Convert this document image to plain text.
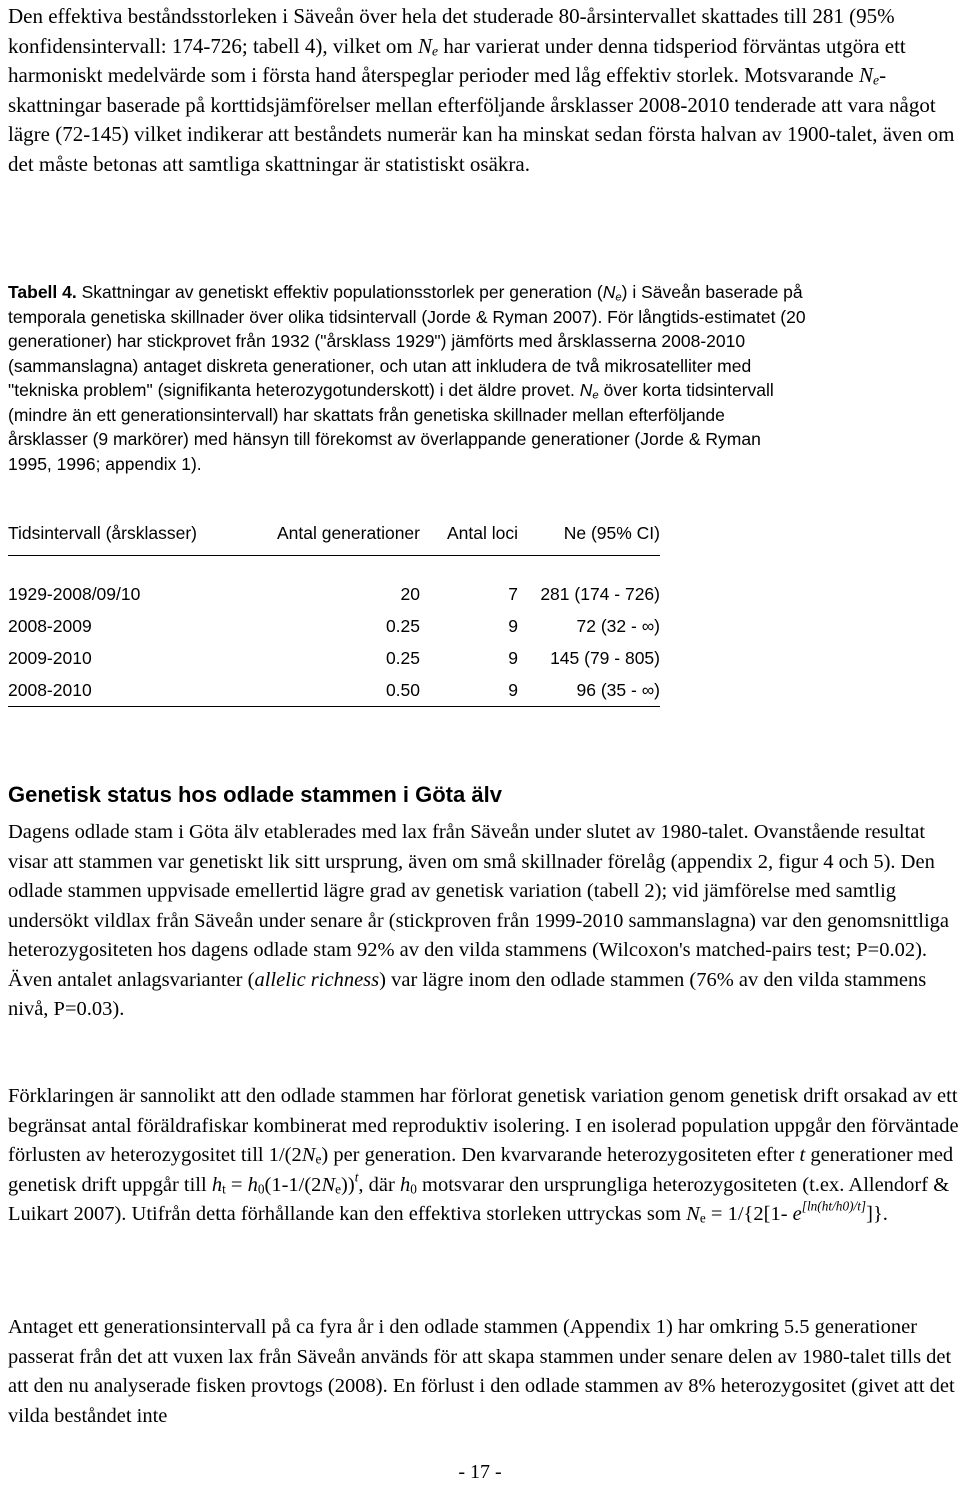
Den effektiva beståndsstorleken i Säveån över hela det studerade 80-årsintervallet skattades till 281 (95% konfidensintervall: 174-726; tabell 4), vilket om $N_e$ har varierat under denna tidsperiod förväntas utgöra ett harmoniskt medelvärde som i första hand återspeglar perioder med låg effektiv storlek. Motsvarande $N_e$-skattningar baserade på korttidsjämförelser mellan efterföljande årsklasser 2008-2010 tenderade att vara något lägre (72-145) vilket indikerar att beståndets numerär kan ha minskat sedan första halvan av 1900-talet, även om det måste betonas att samtliga skattningar är statistiskt osäkra.

Tabell 4. Skattningar av genetiskt effektiv populationsstorlek per generation $(N_e)$ i Säveån baserade på temporala genetiska skillnader över olika tidsintervall (Jorde & Ryman 2007). För långtids-estimatet (20 generationer) har stickprovet från 1932 ("årsklass 1929") jämförts med årsklasserna 2008-2010 (sammanslagna) antaget diskreta generationer, och utan att inkludera de två mikrosatelliter med "tekniska problem" (signifikanta heterozygotunderskott) i det äldre provet. $N_e$ över korta tidsintervall (mindre än ett generationsintervall) har skattats från genetiska skillnader mellan efterföljande årsklasser (9 markörer) med hänsyn till förekomst av överlappande generationer (Jorde & Ryman 1995, 1996; appendix 1).

Tidsintervall (årsklasser)	Antal generationer	Antal loci	Ne (95% CI)
1929-2008/09/10	20	7	281 (174 - 726)
2008-2009	0.25	9	72 (32 - ∞)
2009-2010	0.25	9	145 (79 - 805)
2008-2010	0.50	9	96 (35 - ∞)
Genetisk status hos odlade stammen i Göta älv

Dagens odlade stam i Göta älv etablerades med lax från Säveån under slutet av 1980-talet. Ovanstående resultat visar att stammen var genetiskt lik sitt ursprung, även om små skillnader förelåg (appendix 2, figur 4 och 5). Den odlade stammen uppvisade emellertid lägre grad av genetisk variation (tabell 2); vid jämförelse med samtlig undersökt vildlax från Säveån under senare år (stickproven från 1999-2010 sammanslagna) var den genomsnittliga heterozygositeten hos dagens odlade stam 92% av den vilda stammens (Wilcoxon's matched-pairs test; P=0.02). Även antalet anlagsvarianter (allelic richness) var lägre inom den odlade stammen (76% av den vilda stammens nivå, P=0.03).

Förklaringen är sannolikt att den odlade stammen har förlorat genetisk variation genom genetisk drift orsakad av ett begränsat antal föräldrafiskar kombinerat med reproduktiv isolering. I en isolerad population uppgår den förväntade förlusten av heterozygositet till $1/(2N_e)$ per generation. Den kvarvarande heterozygositeten efter t generationer med genetisk drift uppgår till $h_t = h_0(1-1/(2N_e))^t$, där $h_0$ motsvarar den ursprungliga heterozygositeten (t.ex. Allendorf & Luikart 2007). Utifrån detta förhållande kan den effektiva storleken uttryckas som $N_e = 1/\{2[1-$ e[ln(ht/h0)/t]]}.

Antaget ett generationsintervall på ca fyra år i den odlade stammen (Appendix 1) har omkring 5.5 generationer passerat från det att vuxen lax från Säveån används för att skapa stammen under senare delen av 1980-talet tills det att den nu analyserade fisken provtogs (2008). En förlust i den odlade stammen av 8% heterozygositet (givet att det vilda beståndet inte

- 17 -
